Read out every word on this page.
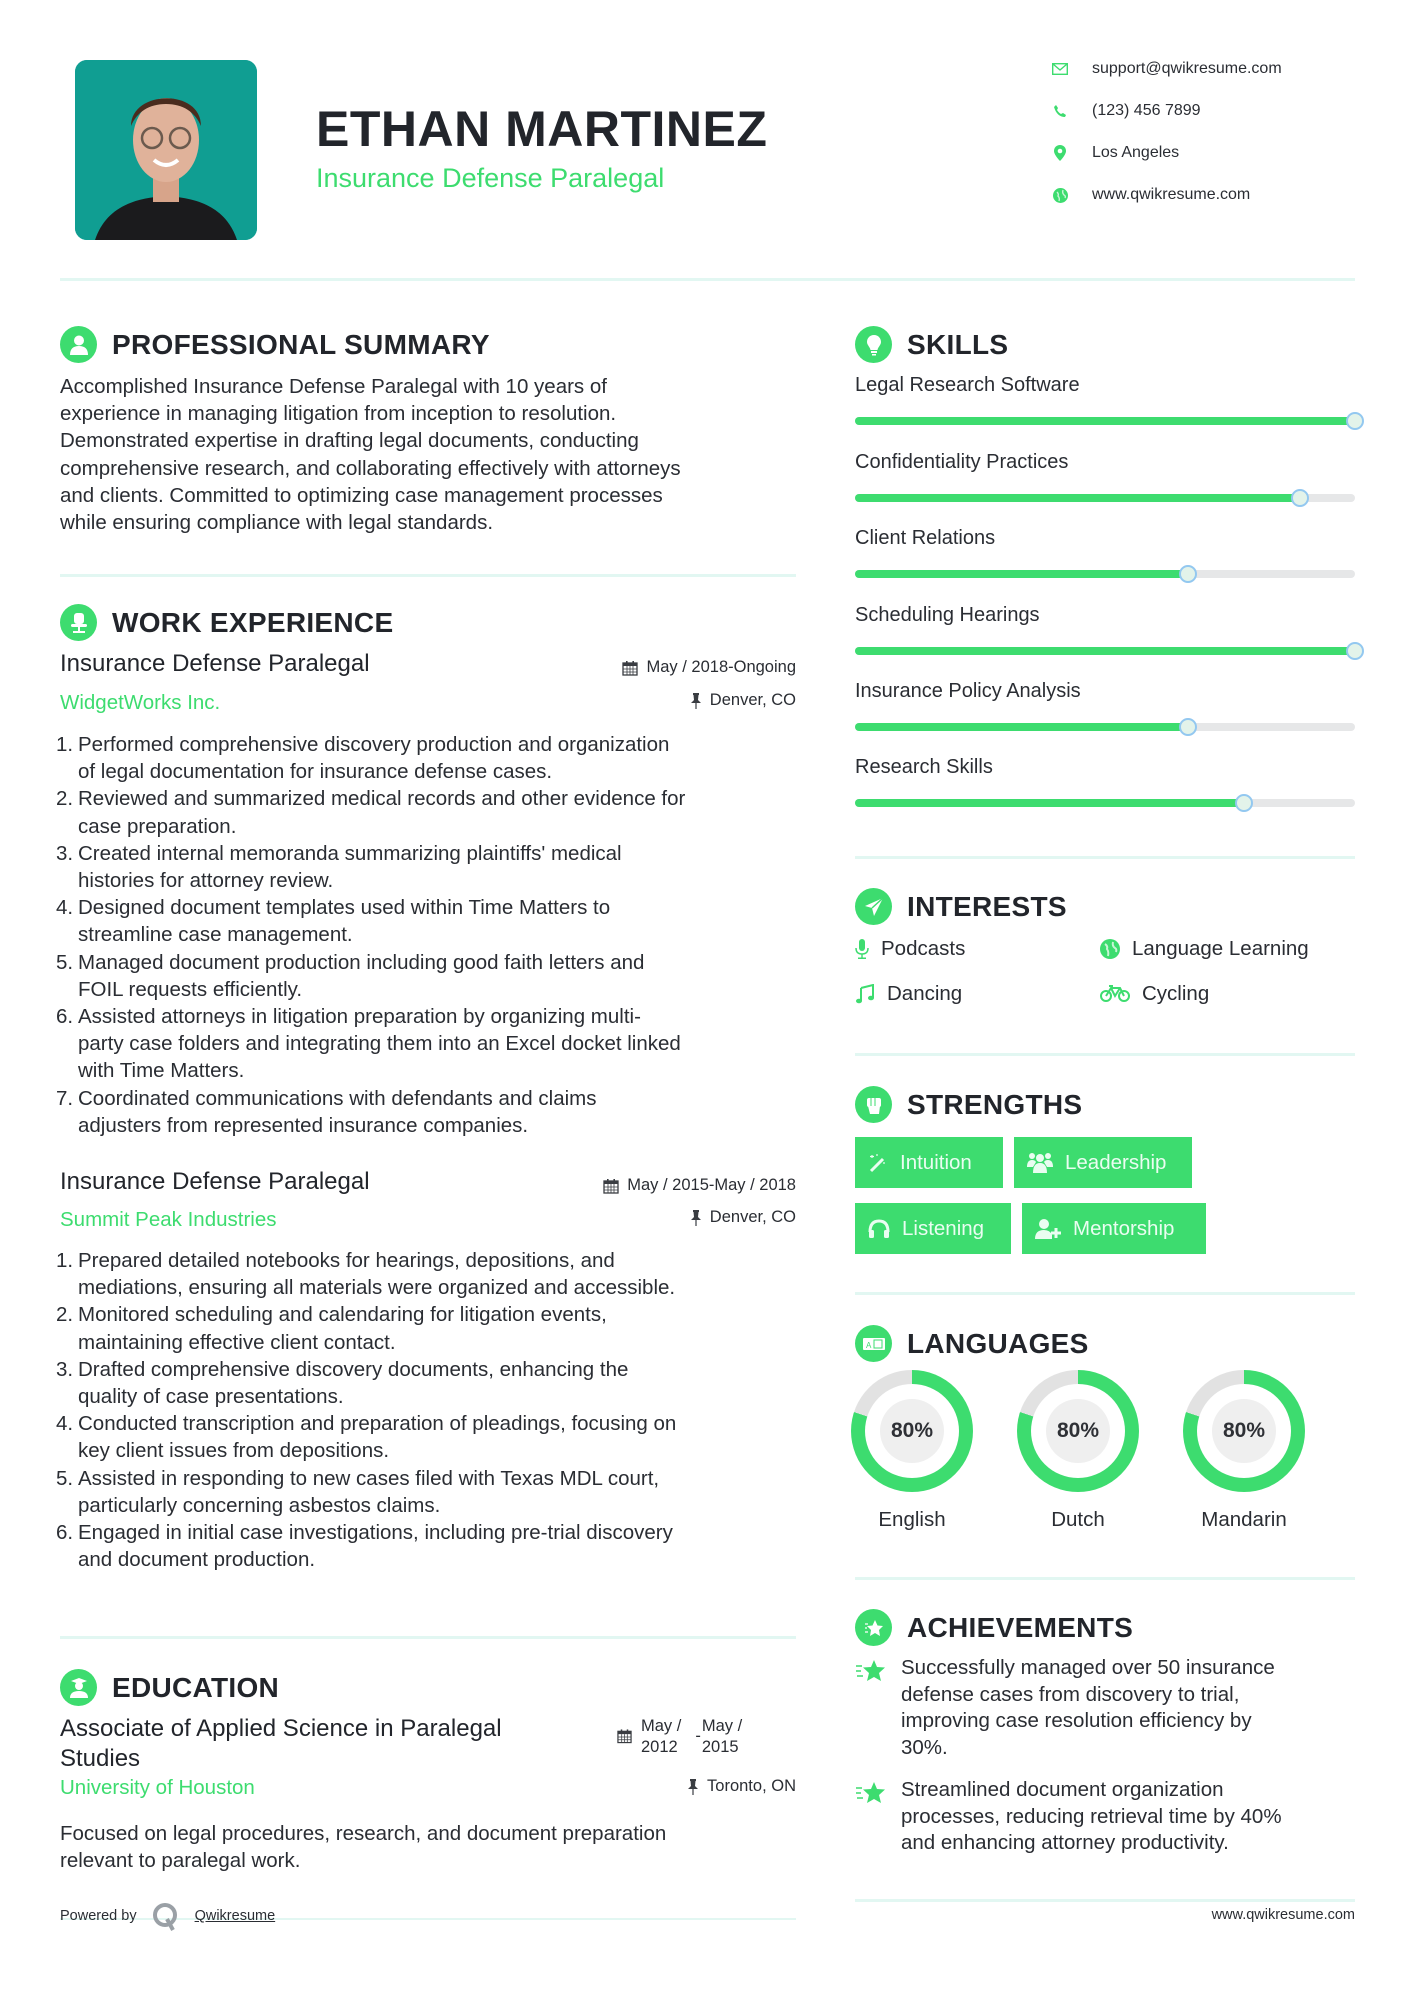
ETHAN MARTINEZ
Insurance Defense Paralegal
support@qwikresume.com
(123) 456 7899
Los Angeles
www.qwikresume.com
PROFESSIONAL SUMMARY
Accomplished Insurance Defense Paralegal with 10 years of
experience in managing litigation from inception to resolution.
Demonstrated expertise in drafting legal documents, conducting
comprehensive research, and collaborating effectively with attorneys
and clients. Committed to optimizing case management processes
while ensuring compliance with legal standards.
WORK EXPERIENCE
Insurance Defense Paralegal	May / 2018-Ongoing
WidgetWorks Inc.	Denver, CO
1. Performed comprehensive discovery production and organization
of legal documentation for insurance defense cases.
2. Reviewed and summarized medical records and other evidence for
case preparation.
3. Created internal memoranda summarizing plaintiffs' medical
histories for attorney review.
4. Designed document templates used within Time Matters to
streamline case management.
5. Managed document production including good faith letters and
FOIL requests efficiently.
6. Assisted attorneys in litigation preparation by organizing multi-
party case folders and integrating them into an Excel docket linked
with Time Matters.
7. Coordinated communications with defendants and claims
adjusters from represented insurance companies.
Insurance Defense Paralegal	May / 2015-May / 2018
Summit Peak Industries	Denver, CO
1. Prepared detailed notebooks for hearings, depositions, and
mediations, ensuring all materials were organized and accessible.
2. Monitored scheduling and calendaring for litigation events,
maintaining effective client contact.
3. Drafted comprehensive discovery documents, enhancing the
quality of case presentations.
4. Conducted transcription and preparation of pleadings, focusing on
key client issues from depositions.
5. Assisted in responding to new cases filed with Texas MDL court,
particularly concerning asbestos claims.
6. Engaged in initial case investigations, including pre-trial discovery
and document production.
EDUCATION
Associate of Applied Science in Paralegal
Studies
May /
2012
-
May /
2015
University of Houston	Toronto, ON
Focused on legal procedures, research, and document preparation
relevant to paralegal work.
Powered by	Qwikresume
SKILLS
Legal Research Software
Confidentiality Practices
Client Relations
Scheduling Hearings
Insurance Policy Analysis
Research Skills
INTERESTS
Podcasts	Language Learning
Dancing	Cycling
STRENGTHS
Intuition	Leadership
Listening	Mentorship
A LANGUAGES
80%
English
80%
Dutch
80%
Mandarin
ACHIEVEMENTS
Successfully managed over 50 insurance
defense cases from discovery to trial,
improving case resolution efficiency by
30%.
Streamlined document organization
processes, reducing retrieval time by 40%
and enhancing attorney productivity.
www.qwikresume.com
